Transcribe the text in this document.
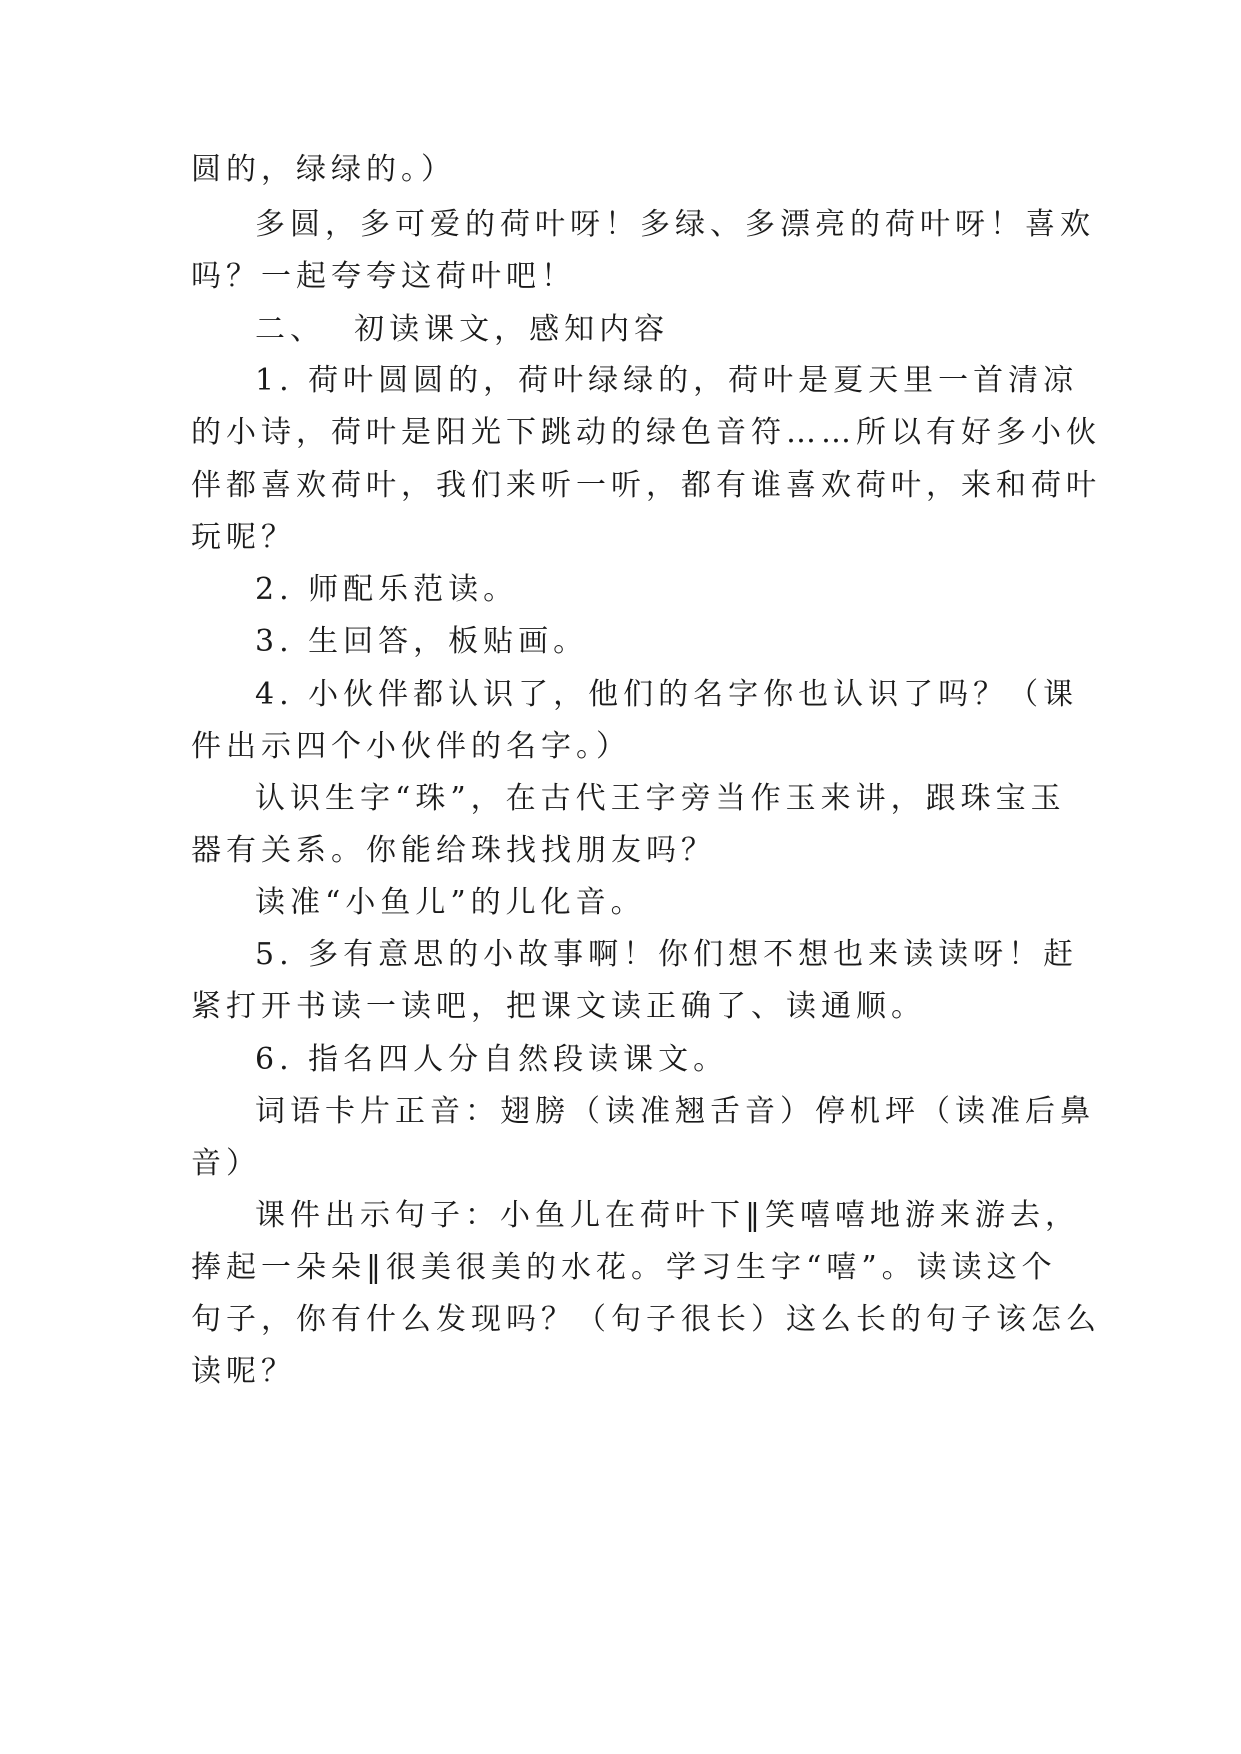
圆的，绿绿的。）
多圆，多可爱的荷叶呀！多绿、多漂亮的荷叶呀！喜欢
吗？一起夸夸这荷叶吧！
二、  初读课文，感知内容
1. 荷叶圆圆的，荷叶绿绿的，荷叶是夏天里一首清凉
的小诗，荷叶是阳光下跳动的绿色音符……所以有好多小伙
伴都喜欢荷叶，我们来听一听，都有谁喜欢荷叶，来和荷叶
玩呢？
2. 师配乐范读。
3. 生回答，板贴画。
4. 小伙伴都认识了，他们的名字你也认识了吗？（课
件出示四个小伙伴的名字。）
认识生字“珠”，在古代王字旁当作玉来讲，跟珠宝玉
器有关系。你能给珠找找朋友吗？
读准“小鱼儿”的儿化音。
5. 多有意思的小故事啊！你们想不想也来读读呀！赶
紧打开书读一读吧，把课文读正确了、读通顺。
6. 指名四人分自然段读课文。
词语卡片正音：翅膀（读准翘舌音）停机坪（读准后鼻
音）
课件出示句子：小鱼儿在荷叶下‖笑嘻嘻地游来游去，
捧起一朵朵‖很美很美的水花。学习生字“嘻”。读读这个
句子，你有什么发现吗？（句子很长）这么长的句子该怎么
读呢？
